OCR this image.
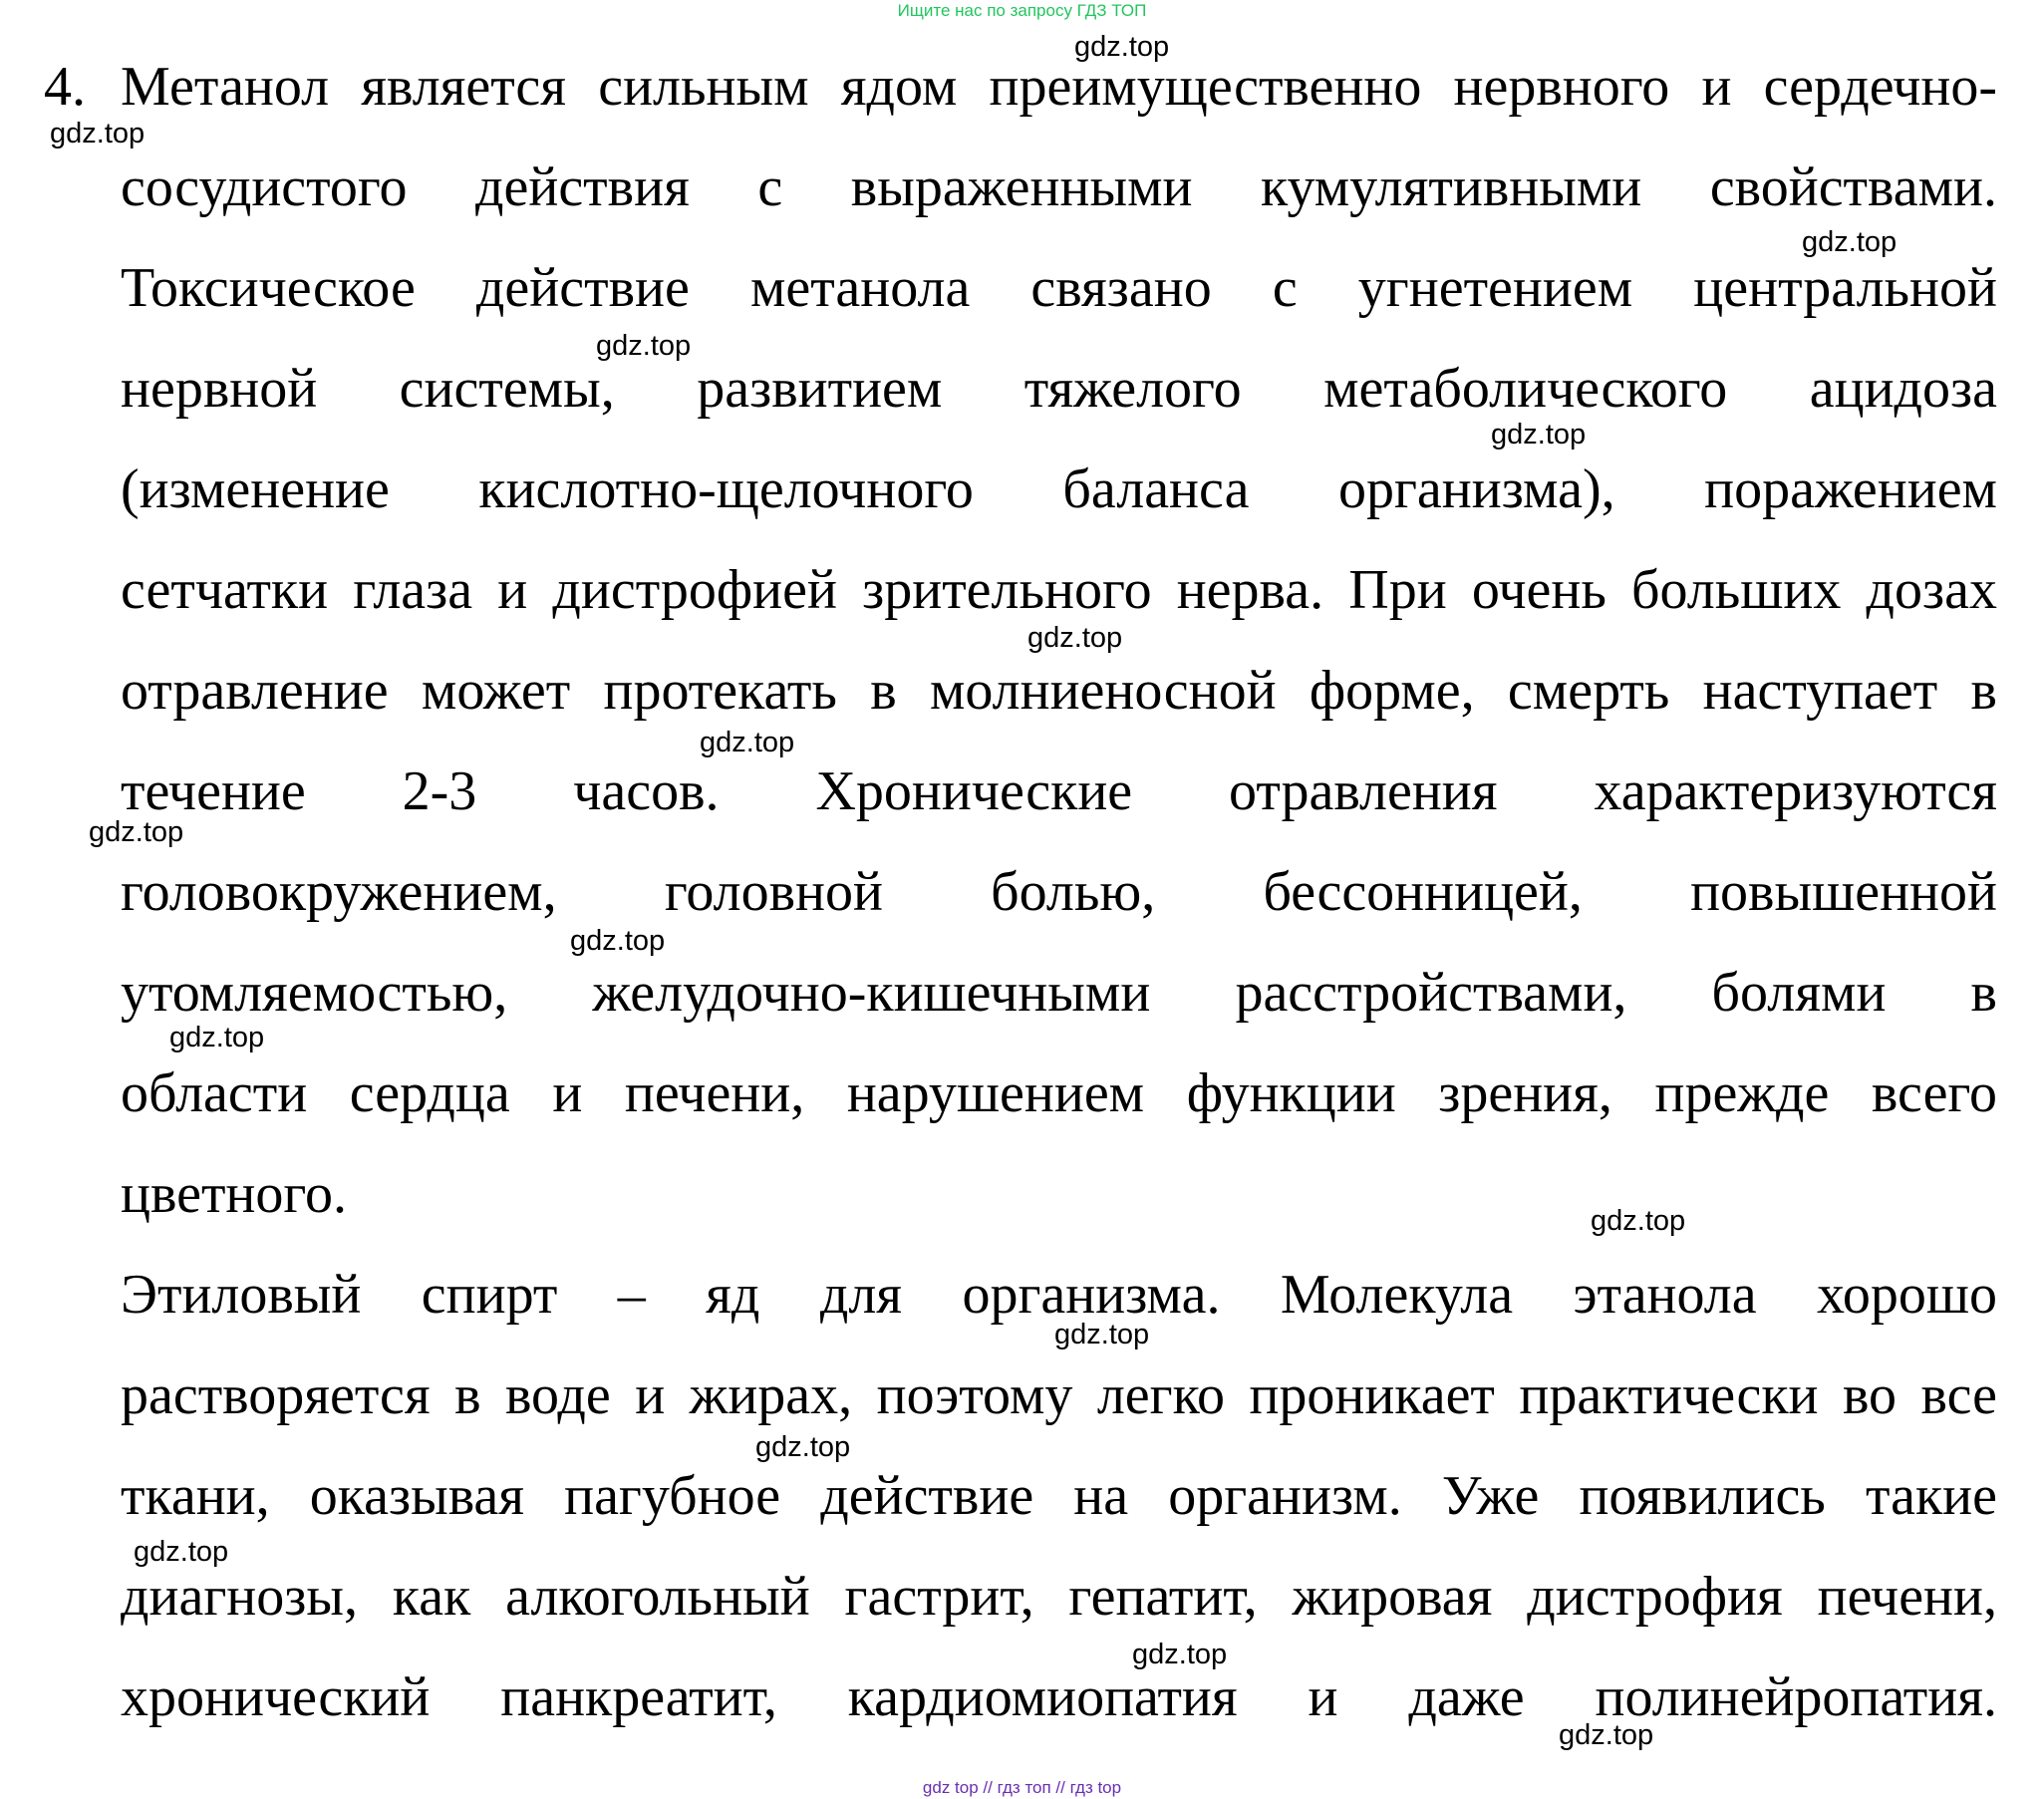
Ищите нас по запросу ГДЗ ТОП
gdz.top
4.
gdz.top
Метанол является сильным ядом преимущественно нервного и сердечно-
сосудистого действия с выраженными кумулятивными свойствами.
gdz.top
Токсическое действие метанола связано с угнетением центральной
gdz.top
нервной системы, развитием тяжелого метаболического ацидоза
gdz.top
(изменение кислотно-щелочного баланса организма), поражением
сетчатки глаза и дистрофией зрительного нерва. При очень больших дозах
gdz.top
отравление может протекать в молниеносной форме, смерть наступает в
gdz.top
течение 2-3 часов. Хронические отравления характеризуются
gdz.top
головокружением, головной болью, бессонницей, повышенной
gdz.top
утомляемостью, желудочно-кишечными расстройствами, болями в
gdz.top
области сердца и печени, нарушением функции зрения, прежде всего
цветного.	gdz.top
Этиловый спирт – яд для организма. Молекула этанола хорошо
gdz.top
растворяется в воде и жирах, поэтому легко проникает практически во все
gdz.top
ткани, оказывая пагубное действие на организм. Уже появились такие
gdz.top
диагнозы, как алкогольный гастрит, гепатит, жировая дистрофия печени,
gdz.top
хронический панкреатит, кардиомиопатия и даже полинейропатия.
gdz.top
gdz top // гдз топ // гдз top
